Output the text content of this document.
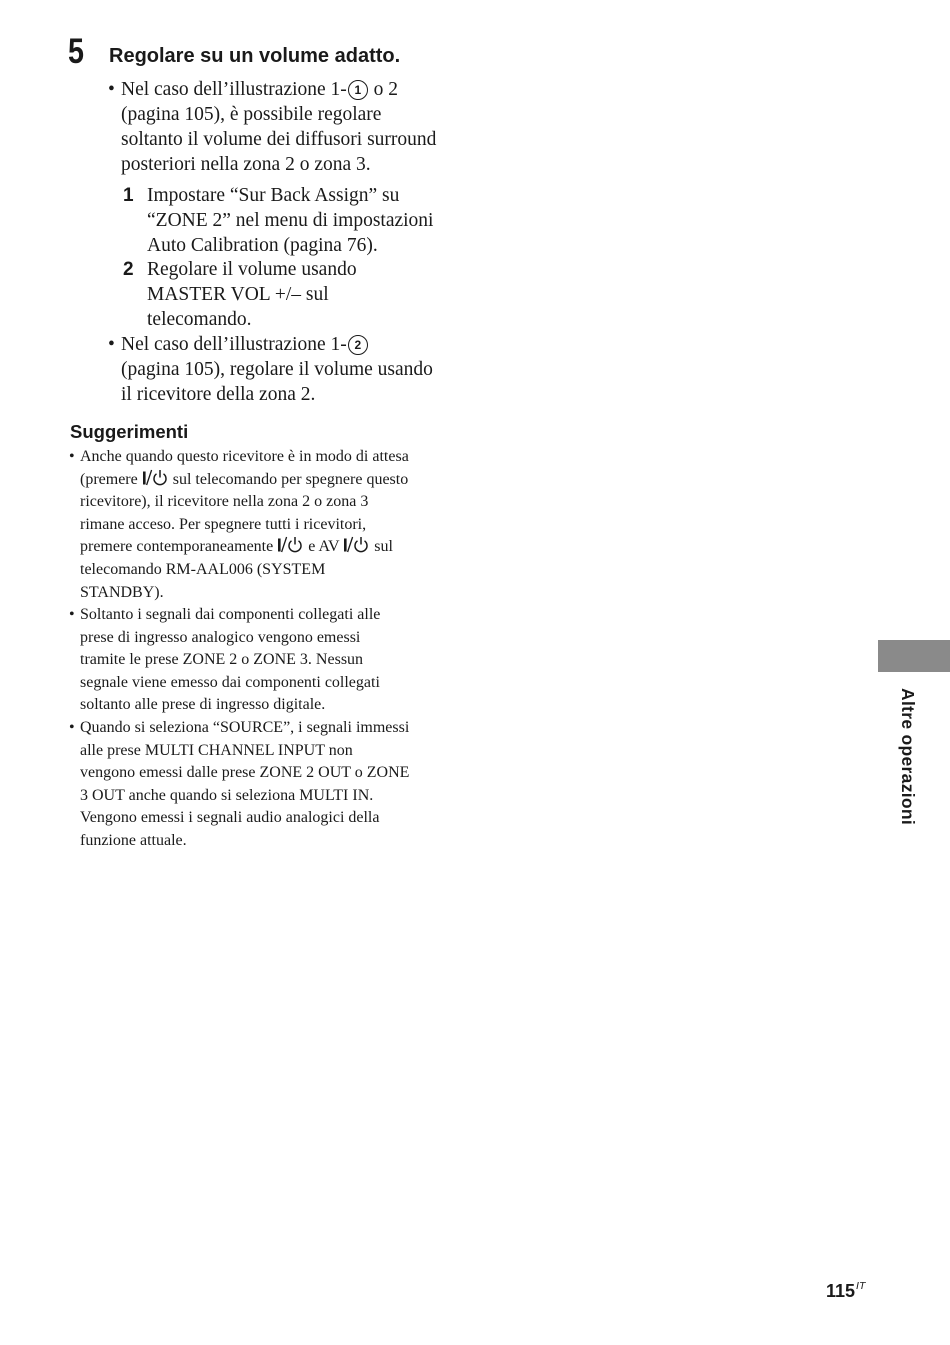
5 Regolare su un volume adatto.
• Nel caso dell’illustrazione 1- 1 o 2
(pagina 105), è possibile regolare
soltanto il volume dei diffusori surround
posteriori nella zona 2 o zona 3.
1 Impostare “Sur Back Assign” su
“ZONE 2” nel menu di impostazioni
Auto Calibration (pagina 76).
2 Regolare il volume usando
MASTER VOL +/– sul
telecomando.
• Nel caso dell’illustrazione 1- 2
(pagina 105), regolare il volume usando
il ricevitore della zona 2.
Suggerimenti
• Anche quando questo ricevitore è in modo di attesa
(premere  sul telecomando per spegnere questo
ricevitore), il ricevitore nella zona 2 o zona 3
rimane acceso. Per spegnere tutti i ricevitori,
premere contemporaneamente  e AV  sul
telecomando RM-AAL006 (SYSTEM
STANDBY).
• Soltanto i segnali dai componenti collegati alle
prese di ingresso analogico vengono emessi
tramite le prese ZONE 2 o ZONE 3. Nessun
segnale viene emesso dai componenti collegati
soltanto alle prese di ingresso digitale.
• Quando si seleziona “SOURCE”, i segnali immessi
alle prese MULTI CHANNEL INPUT non
vengono emessi dalle prese ZONE 2 OUT o ZONE
3 OUT anche quando si seleziona MULTI IN.
Vengono emessi i segnali audio analogici della
funzione attuale.
Altre operazioni
$115^{IT}$
